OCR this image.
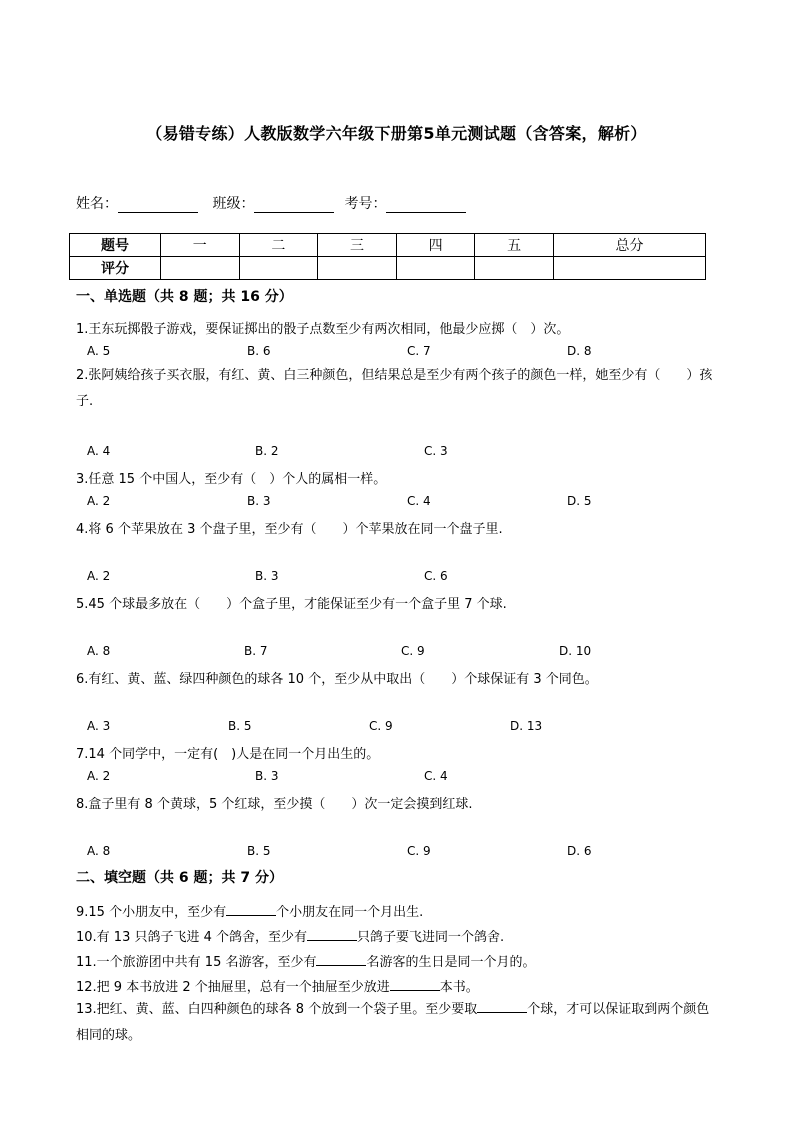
（易错专练）人教版数学六年级下册第5单元测试题（含答案，解析）
姓名：	班级：	考号：
题号	一	二	三	四	五	总分
评分						
一、单选题（共 8 题；共 16 分）
1.王东玩掷骰子游戏，要保证掷出的骰子点数至少有两次相同，他最少应掷（　）次。
A. 5	B. 6	C. 7	D. 8
2.张阿姨给孩子买衣服，有红、黄、白三种颜色，但结果总是至少有两个孩子的颜色一样，她至少有（　　）孩子.
A. 4	B. 2	C. 3
3.任意 15 个中国人，至少有（　）个人的属相一样。
A. 2	B. 3	C. 4	D. 5
4.将 6 个苹果放在 3 个盘子里，至少有（　　）个苹果放在同一个盘子里.
A. 2	B. 3	C. 6
5.45 个球最多放在（　　）个盒子里，才能保证至少有一个盒子里 7 个球.
A. 8	B. 7	C. 9	D. 10
6.有红、黄、蓝、绿四种颜色的球各 10 个，至少从中取出（　　）个球保证有 3 个同色。
A. 3	B. 5	C. 9	D. 13
7.14 个同学中，一定有(　)人是在同一个月出生的。
A. 2	B. 3	C. 4
8.盒子里有 8 个黄球，5 个红球，至少摸（　　）次一定会摸到红球.
A. 8	B. 5	C. 9	D. 6
二、填空题（共 6 题；共 7 分）
9.15 个小朋友中，至少有	个小朋友在同一个月出生.
10.有 13 只鸽子飞进 4 个鸽舍，至少有	只鸽子要飞进同一个鸽舍.
11.一个旅游团中共有 15 名游客，至少有	名游客的生日是同一个月的。
12.把 9 本书放进 2 个抽屉里，总有一个抽屉至少放进	本书。
13.把红、黄、蓝、白四种颜色的球各 8 个放到一个袋子里。至少要取	个球，才可以保证取到两个颜色相同的球。
